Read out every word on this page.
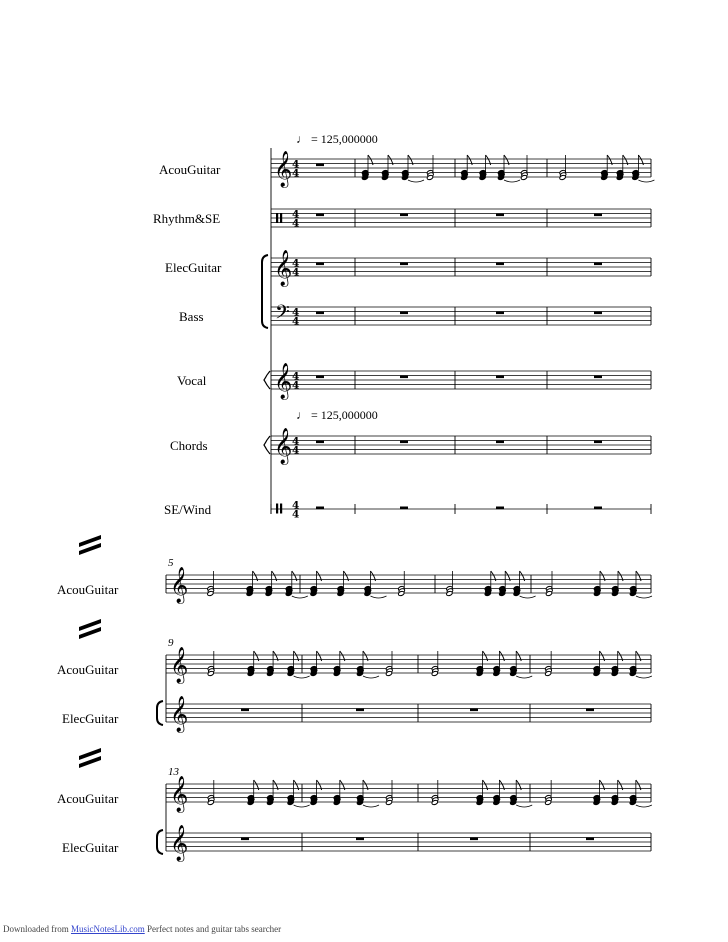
♩ = 125,000000
♩ = 125,000000
AcouGuitar
Rhythm&SE
ElecGuitar
Bass
Vocal
Chords
SE/Wind
5
AcouGuitar
9
AcouGuitar
ElecGuitar
13
AcouGuitar
ElecGuitar
Downloaded from MusicNotesLib.com Perfect notes and guitar tabs searcher
𝄞 4
4
4
4
𝄞 4
4
𝄢 4
4
𝄞 4
4
𝄞 4
4
4
4
𝄞
𝄞
𝄞
𝄞
𝄞
